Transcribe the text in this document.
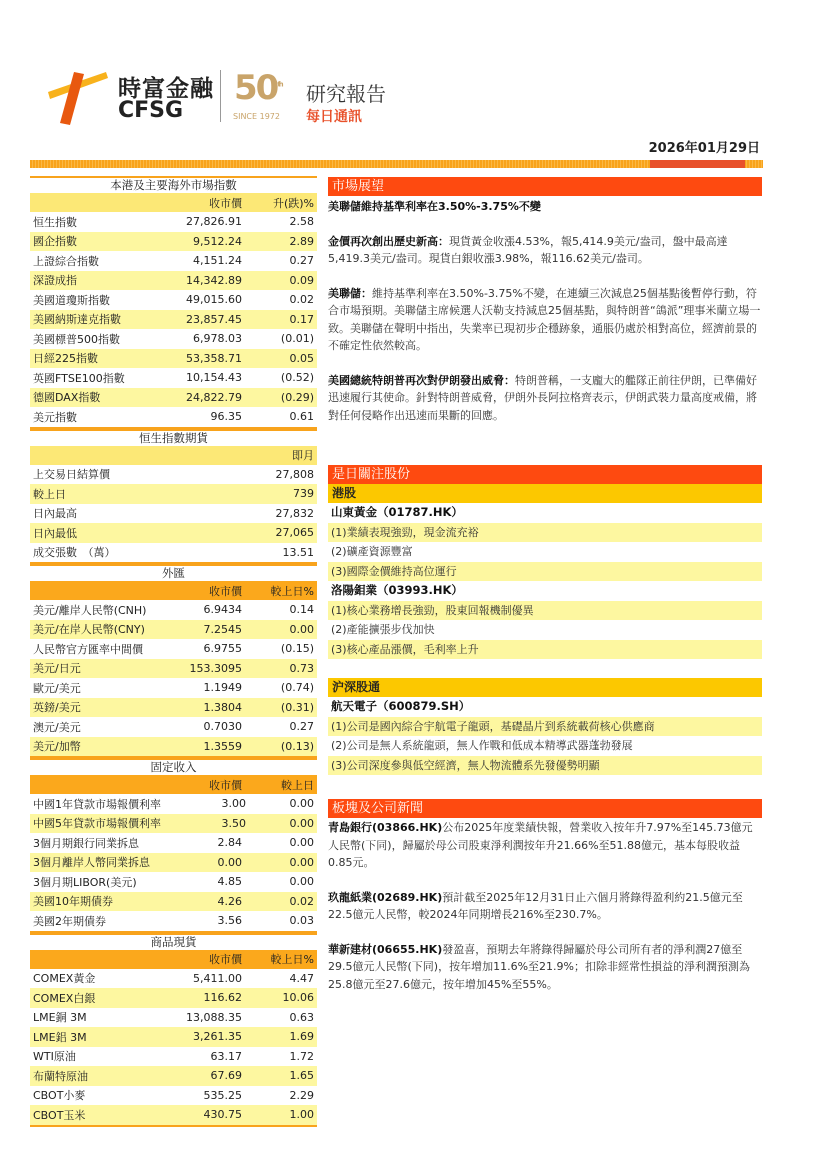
時富金融
CFSG
50th
SINCE 1972
研究報告
每日通訊
2026年01月29日
本港及主要海外市場指數
收市價	升(跌)%
恒生指數	27,826.91	2.58
國企指數	9,512.24	2.89
上證綜合指數	4,151.24	0.27
深證成指	14,342.89	0.09
美國道瓊斯指數	49,015.60	0.02
美國納斯達克指數	23,857.45	0.17
美國標普500指數	6,978.03	(0.01)
日經225指數	53,358.71	0.05
英國FTSE100指數	10,154.43	(0.52)
德國DAX指數	24,822.79	(0.29)
美元指數	96.35	0.61
恒生指數期貨
即月
上交易日結算價	27,808
較上日	739
日內最高	27,832
日內最低	27,065
成交張數　（萬）	13.51
外匯
收市價	較上日%
美元/離岸人民幣(CNH)	6.9434	0.14
美元/在岸人民幣(CNY)	7.2545	0.00
人民幣官方匯率中間價	6.9755	(0.15)
美元/日元	153.3095	0.73
歐元/美元	1.1949	(0.74)
英鎊/美元	1.3804	(0.31)
澳元/美元	0.7030	0.27
美元/加幣	1.3559	(0.13)
固定收入
收市價	較上日
中國1年貸款市場報價利率	3.00	0.00
中國5年貸款市場報價利率	3.50	0.00
3個月期銀行同業拆息	2.84	0.00
3個月離岸人幣同業拆息	0.00	0.00
3個月期LIBOR(美元)	4.85	0.00
美國10年期債券	4.26	0.02
美國2年期債券	3.56	0.03
商品現貨
收市價	較上日%
COMEX黃金	5,411.00	4.47
COMEX白銀	116.62	10.06
LME銅 3M	13,088.35	0.63
LME鋁 3M	3,261.35	1.69
WTI原油	63.17	1.72
布蘭特原油	67.69	1.65
CBOT小麥	535.25	2.29
CBOT玉米	430.75	1.00
市場展望
美聯儲維持基準利率在3.50%-3.75%不變
金價再次創出歷史新高：現貨黃金收漲4.53%，報5,414.9美元/盎司，盤中最高達5,419.3美元/盎司。現貨白銀收漲3.98%，報116.62美元/盎司。
美聯儲：維持基準利率在3.50%-3.75%不變，在連續三次減息25個基點後暫停行動，符合市場預期。美聯儲主席候選人沃勒支持減息25個基點，與特朗普“鴿派”理事米蘭立場一致。美聯儲在聲明中指出，失業率已現初步企穩跡象，通脹仍處於相對高位，經濟前景的不確定性依然較高。
美國總統特朗普再次對伊朗發出威脅：特朗普稱，一支龐大的艦隊正前往伊朗，已準備好迅速履行其使命。針對特朗普威脅，伊朗外長阿拉格齊表示，伊朗武裝力量高度戒備，將對任何侵略作出迅速而果斷的回應。
是日關注股份
港股
山東黃金（01787.HK）
(1)業績表現強勁，現金流充裕
(2)礦產資源豐富
(3)國際金價維持高位運行
洛陽鉬業（03993.HK）
(1)核心業務增長強勁，股東回報機制優異
(2)產能擴張步伐加快
(3)核心產品漲價，毛利率上升
沪深股通
航天電子（600879.SH）
(1)公司是國內綜合宇航電子龍頭，基礎晶片到系統載荷核心供應商
(2)公司是無人系統龍頭，無人作戰和低成本精導武器蓬勃發展
(3)公司深度參與低空經濟，無人物流體系先發優勢明顯
板塊及公司新聞
青島銀行(03866.HK)公布2025年度業績快報，營業收入按年升7.97%至145.73億元人民幣(下同)，歸屬於母公司股東淨利潤按年升21.66%至51.88億元，基本每股收益0.85元。
玖龍紙業(02689.HK)預計截至2025年12月31日止六個月將錄得盈利約21.5億元至22.5億元人民幣，較2024年同期增長216%至230.7%。
華新建材(06655.HK)發盈喜，預期去年將錄得歸屬於母公司所有者的淨利潤27億至29.5億元人民幣(下同)，按年增加11.6%至21.9%；扣除非經常性損益的淨利潤預測為25.8億元至27.6億元，按年增加45%至55%。
